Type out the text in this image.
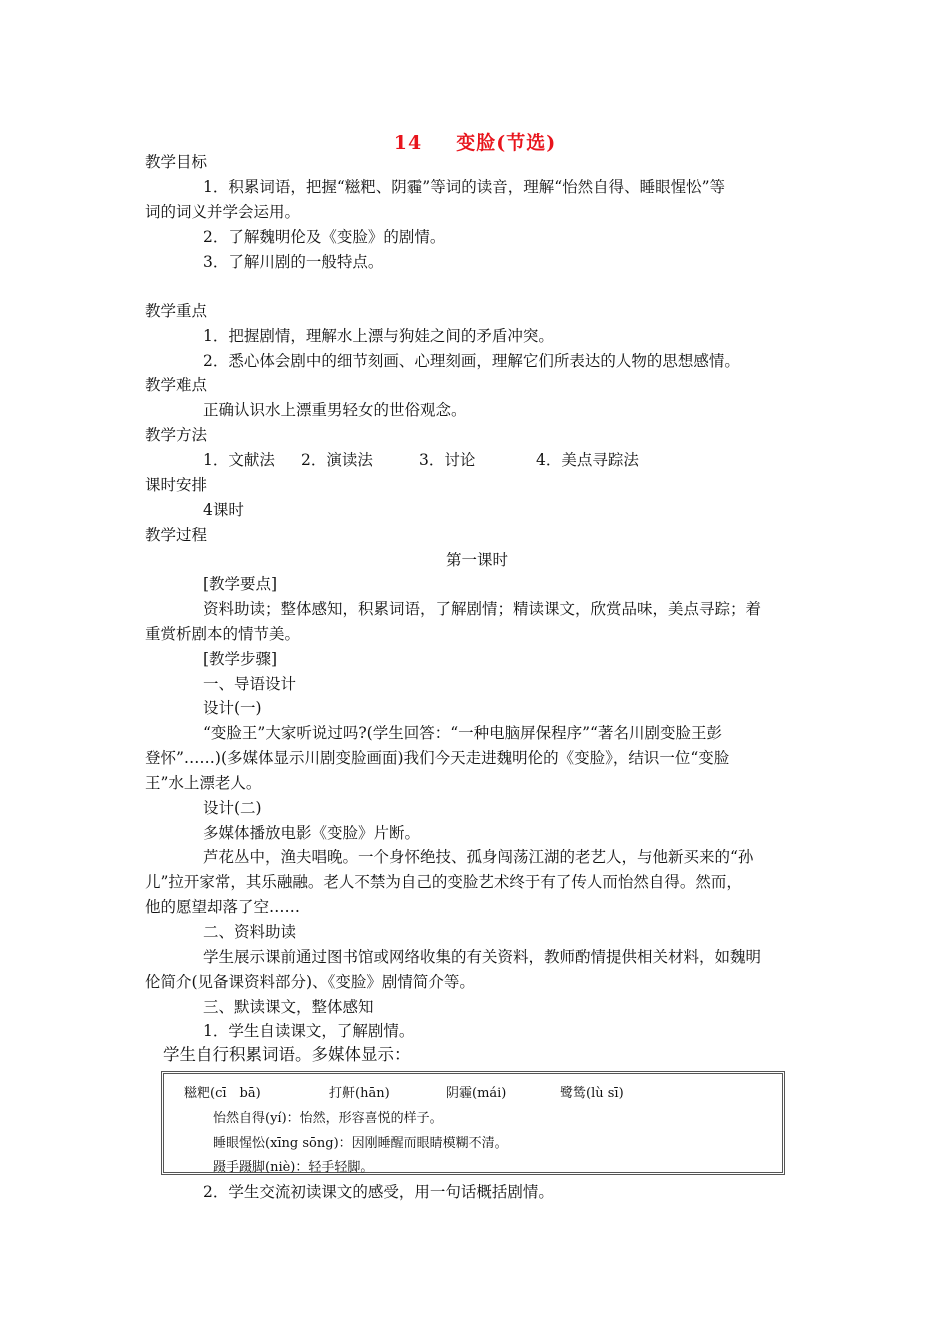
14 变脸(节选)
教学目标
1．积累词语，把握“糍粑、阴霾”等词的读音，理解“怡然自得、睡眼惺忪”等
词的词义并学会运用。
2．了解魏明伦及《变脸》的剧情。
3．了解川剧的一般特点。
教学重点
1．把握剧情，理解水上漂与狗娃之间的矛盾冲突。
2．悉心体会剧中的细节刻画、心理刻画，理解它们所表达的人物的思想感情。
教学难点
正确认识水上漂重男轻女的世俗观念。
教学方法
1．文献法 2．演读法	3．讨论	4．美点寻踪法
课时安排
4课时
教学过程
第一课时
[教学要点]
资料助读；整体感知，积累词语，了解剧情；精读课文，欣赏品味，美点寻踪；着
重赏析剧本的情节美。
[教学步骤]
一、导语设计
设计(一)
“变脸王”大家听说过吗?(学生回答：“一种电脑屏保程序”“著名川剧变脸王彭
登怀”……)(多媒体显示川剧变脸画面)我们今天走进魏明伦的《变脸》，结识一位“变脸
王”水上漂老人。
设计(二)
多媒体播放电影《变脸》片断。
芦花丛中，渔夫唱晚。一个身怀绝技、孤身闯荡江湖的老艺人，与他新买来的“孙
儿”拉开家常，其乐融融。老人不禁为自己的变脸艺术终于有了传人而怡然自得。然而，
他的愿望却落了空……
二、资料助读
学生展示课前通过图书馆或网络收集的有关资料，教师酌情提供相关材料，如魏明
伦简介(见备课资料部分)、《变脸》剧情简介等。
三、默读课文，整体感知
1．学生自读课文，了解剧情。
学生自行积累词语。多媒体显示：
2．学生交流初读课文的感受，用一句话概括剧情。
糍粑(cī　bā)	打鼾(hān)	阴霾(mái)	鹭鸶(lù sī)
怡然自得(yí)：怡然，形容喜悦的样子。
睡眼惺忪(xīng sōng)：因刚睡醒而眼睛模糊不清。
蹑手蹑脚(niè)：轻手轻脚。
